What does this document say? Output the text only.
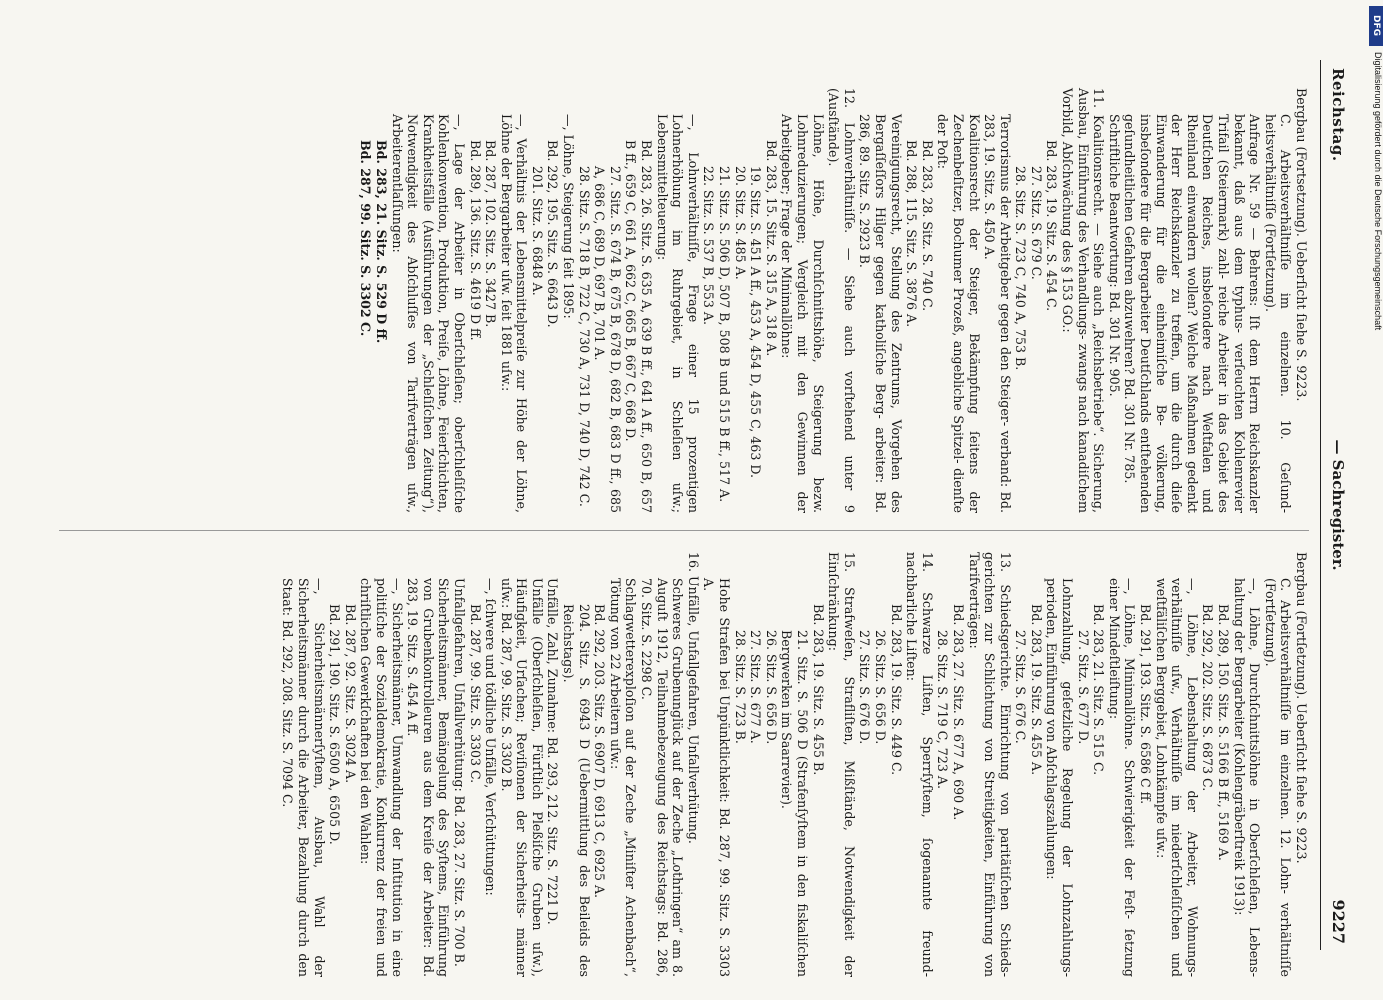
Reichstag.
— Sachregister.
9227

Bergbau (Fortsetzung). Ueberſicht ſiehe S. 9223.

C. Arbeitsverhältniſſe im einzelnen. 10. Geſund- heitsverhältniſſe (Fortſetzung).

Anfrage Nr. 59 — Behrens: Iſt dem Herrn Reichskanzler bekannt, daß aus dem typhus- verſeuchten Kohlenrevier Trifail (Steiermark) zahl- reiche Arbeiter in das Gebiet des Deutſchen Reiches, insbeſondere nach Weſtfalen und Rheinland einwandern wollen? Welche Maßnahmen gedenkt der Herr Reichskanzler zu treffen, um die durch dieſe Einwanderung für die einheimiſche Be- völkerung, insbeſondere für die Bergarbeiter Deutſchlands entſtehenden geſundheitlichen Gefahren abzuwehren? Bd. 301 Nr. 785.

Schriftliche Beantwortung: Bd. 301 Nr. 905.

11. Koalitionsrecht. — Siehe auch „Reichsbetriebe“. Sicherung, Ausbau, Einführung des Verhandlungs- zwangs nach kanadiſchem Vorbild, Abſchwächung des § 153 GO.:

Bd. 283, 19. Sitz. S. 454 C.

27. Sitz. S. 679 C.

28. Sitz. S. 723 C, 740 A, 753 B.

Terrorismus der Arbeitgeber gegen den Steiger- verband: Bd. 283, 19. Sitz. S. 450 A.

Koalitionsrecht der Steiger, Bekämpfung ſeitens der Zechenbeſitzer, Bochumer Prozeß, angebliche Spitzel- dienſte der Poſt:

Bd. 283, 28. Sitz. S. 740 C.

Bd. 288, 115. Sitz. S. 3876 A.

Vereinigungsrecht, Stellung des Zentrums, Vorgehen des Bergaſſeſſors Hilger gegen katholiſche Berg- arbeiter: Bd. 286, 89. Sitz. S. 2923 B.

12. Lohnverhältniſſe. — Siehe auch vorſtehend unter 9 (Ausſtände).

Löhne, Höhe, Durchſchnittshöhe, Steigerung bezw. Lohnreduzierungen; Vergleich mit den Gewinnen der Arbeitgeber; Frage der Minimallöhne:

Bd. 283, 15. Sitz. S. 315 A, 318 A.

19. Sitz. S. 451 A ff., 453 A, 454 D, 455 C, 463 D.

20. Sitz. S. 485 A.

21. Sitz. S. 506 D, 507 B, 508 B und 515 B ff., 517 A.

22. Sitz. S. 537 B, 553 A.

—, Lohnverhältniſſe, Frage einer 15 prozentigen Lohnerhöhung im Ruhrgebiet, in Schleſien uſw.; Lebensmittelteuerung:

Bd. 283, 26. Sitz. S. 635 A, 639 B ff., 641 A ff., 650 B, 657 B ff., 659 C, 661 A, 662 C, 665 B, 667 C, 668 D.

27. Sitz. S. 674 B, 675 B, 678 D, 682 B, 683 D ff., 685 A, 686 C, 689 D, 697 B, 701 A.

28. Sitz. S. 718 B, 722 C, 730 A, 731 D, 740 D, 742 C.

—, Löhne, Steigerung ſeit 1895:

Bd. 292, 195. Sitz. S. 6643 D.

201. Sitz. S. 6848 A.

—, Verhältnis der Lebensmittelpreiſe zur Höhe der Löhne, Löhne der Bergarbeiter uſw. ſeit 1881 uſw.:

Bd. 287, 102. Sitz. S. 3427 B.

Bd. 289, 136. Sitz. S. 4619 D ff.

—, Lage der Arbeiter in Oberſchleſien; oberſchleſiſche Kohlenkonvention, Produktion, Preiſe, Löhne, Feierſchichten, Krankheitsfälle (Ausführungen der „Schleſiſchen Zeitung“), Notwendigkeit des Abſchluſſes von Tarifverträgen uſw., Arbeiterentlaſſungen:

Bd. 283, 21. Sitz. S. 529 D ff.

Bd. 287, 99. Sitz. S. 3302 C.

Bergbau (Fortſetzung). Ueberſicht ſiehe S. 9223.

C. Arbeitsverhältniſſe im einzelnen. 12. Lohn- verhältniſſe (Fortſetzung).

—, Löhne, Durchſchnittslöhne in Oberſchleſien, Lebens- haltung der Bergarbeiter (Kohlengräberſtreik 1913):

Bd. 289, 150. Sitz. S. 5166 B ff., 5169 A.

Bd. 292, 202. Sitz. S. 6873 C.

—, Löhne, Lebenshaltung der Arbeiter, Wohnungs- verhältniſſe uſw., Verhältniſſe im niederſchleſiſchen und weſtfäliſchen Berggebiet, Lohnkämpfe uſw.:

Bd. 291, 193. Sitz. S. 6586 C ff.

—, Löhne, Minimallöhne. Schwierigkeit der Feſt- ſetzung einer Mindeſtleiſtung:

Bd. 283, 21. Sitz. S. 515 C.

27. Sitz. S. 677 D.

Lohnzahlung, geſetzliche Regelung der Lohnzahlungs- perioden, Einführung von Abſchlagszahlungen:

Bd. 283, 19. Sitz. S. 455 A.

27. Sitz. S. 676 C.

13. Schiedsgerichte. Einrichtung von paritätiſchen Schieds- gerichten zur Schlichtung von Streitigkeiten, Einführung von Tarifverträgen:

Bd. 283, 27. Sitz. S. 677 A, 690 A.

28. Sitz. S. 719 C, 723 A.

14. Schwarze Liſten, Sperrſyſtem, ſogenannte freund- nachbarliche Liſten:

Bd. 283, 19. Sitz. S. 449 C.

26. Sitz. S. 656 D.

27. Sitz. S. 676 D.

15. Strafweſen, Strafliſten, Mißſtände, Notwendigkeit der Einſchränkung:

Bd. 283, 19. Sitz. S. 455 B.

21. Sitz. S. 506 D (Strafenſyſtem in den fiskaliſchen Bergwerken im Saarrevier).

26. Sitz. S. 656 D.

27. Sitz. S. 677 A.

28. Sitz. S. 723 B.

Hohe Strafen bei Unpünktlichkeit: Bd. 287, 99. Sitz. S. 3303 A.

16. Unfälle, Unfallgefahren, Unfallverhütung.

Schweres Grubenunglück auf der Zeche „Lothringen“ am 8. Auguſt 1912, Teilnahmebezeugung des Reichstags: Bd. 286, 70. Sitz. S. 2298 C.

Schlagwetterexploſion auf der Zeche „Miniſter Achenbach“, Tötung von 22 Arbeitern uſw.:

Bd. 292, 203. Sitz. S. 6907 D, 6913 C, 6925 A.

204. Sitz. S. 6943 D (Uebermittlung des Beileids des Reichstags).

Unfälle, Zahl, Zunahme: Bd. 293, 212. Sitz. S. 7221 D.

Unfälle (Oberſchleſien, Fürſtlich Pleßiſche Gruben uſw.), Häufigkeit, Urſachen; Reviſionen der Sicherheits- männer uſw.: Bd. 287, 99. Sitz. S. 3302 B.

—, ſchwere und tödliche Unfälle, Verſchüttungen:

Bd. 287, 99. Sitz. S. 3303 C.

Unfallgefahren, Unfallverhütung: Bd. 283, 27. Sitz. S. 700 B.

Sicherheitsmänner, Bemängelung des Syſtems, Einführung von Grubenkontrolleuren aus dem Kreiſe der Arbeiter: Bd. 283, 19. Sitz. S. 454 A ff.

—, Sicherheitsmänner, Umwandlung der Inſtitution in eine politiſche der Sozialdemokratie, Konkurrenz der freien und chriſtlichen Gewerkſchaften bei den Wahlen:

Bd. 287, 92. Sitz. S. 3024 A.

Bd. 291, 190. Sitz. S. 6500 A, 6505 D.

—, Sicherheitsmännerſyſtem, Ausbau, Wahl der Sicherheitsmänner durch die Arbeiter, Bezahlung durch den Staat: Bd. 292, 208. Sitz. S. 7094 C.

DFG
Digitalisierung gefördert durch die Deutsche Forschungsgemeinschaft
